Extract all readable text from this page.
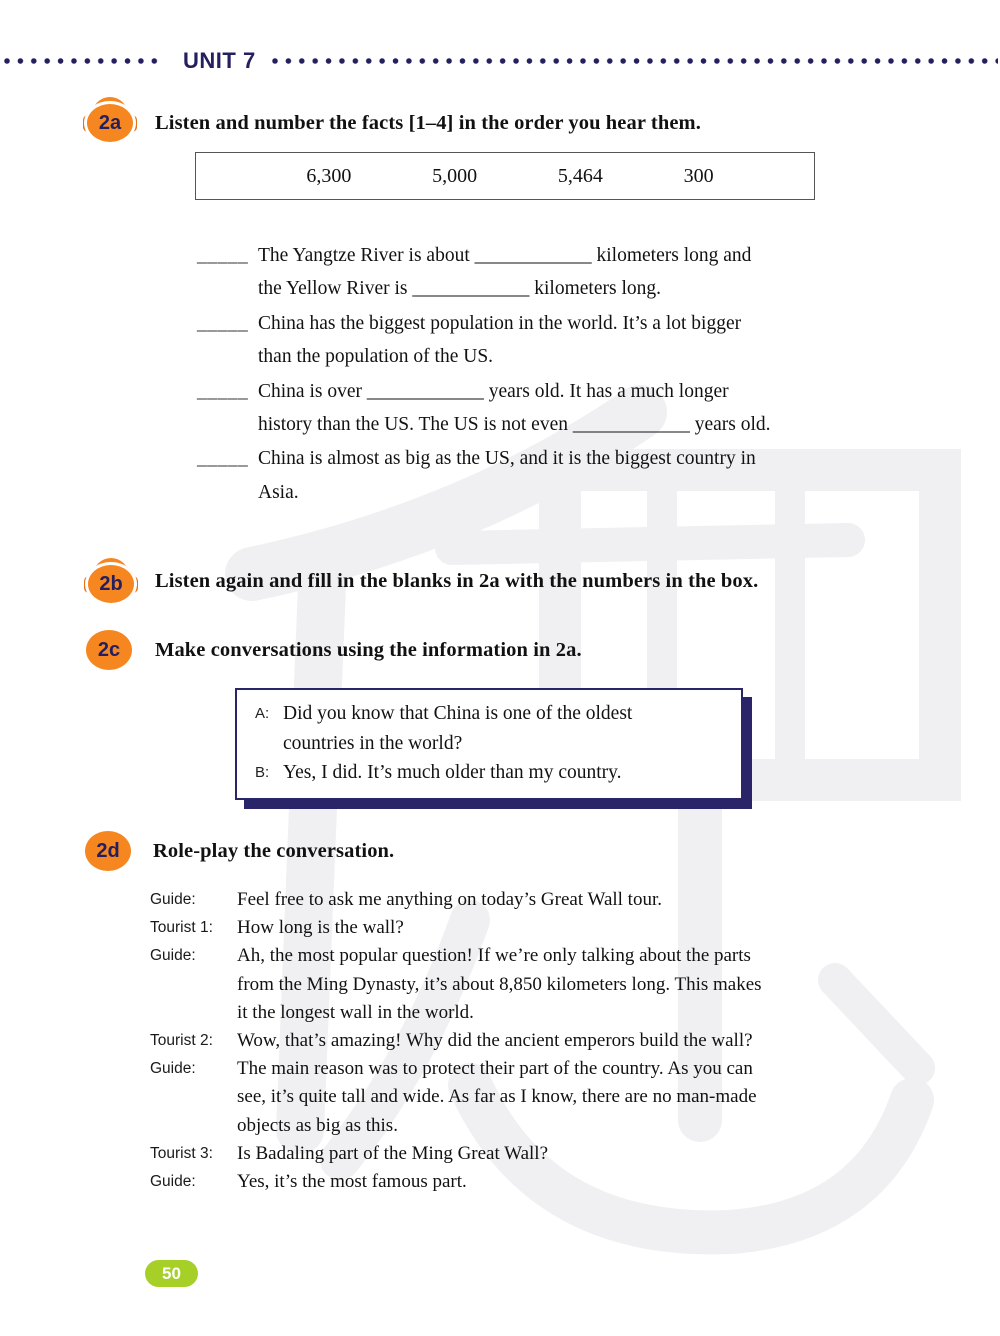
UNIT 7
2a	Listen and number the facts [1–4] in the order you hear them.
6,300	5,000	5,464	300
_____ The Yangtze River is about ____________ kilometers long and
the Yellow River is ____________ kilometers long.
_____ China has the biggest population in the world. It’s a lot bigger
than the population of the US.
_____ China is over ____________ years old. It has a much longer
history than the US. The US is not even ____________ years old.
_____ China is almost as big as the US, and it is the biggest country in
Asia.
2b	Listen again and fill in the blanks in 2a with the numbers in the box.
2c	Make conversations using the information in 2a.
A: Did you know that China is one of the oldest
countries in the world?
B: Yes, I did. It’s much older than my country.
2d	Role-play the conversation.
Guide:	Feel free to ask me anything on today’s Great Wall tour.
Tourist 1:	How long is the wall?
Guide:	Ah, the most popular question! If we’re only talking about the parts
from the Ming Dynasty, it’s about 8,850 kilometers long. This makes
it the longest wall in the world.
Tourist 2:	Wow, that’s amazing! Why did the ancient emperors build the wall?
Guide:	The main reason was to protect their part of the country. As you can
see, it’s quite tall and wide. As far as I know, there are no man-made
objects as big as this.
Tourist 3:	Is Badaling part of the Ming Great Wall?
Guide:	Yes, it’s the most famous part.
50
